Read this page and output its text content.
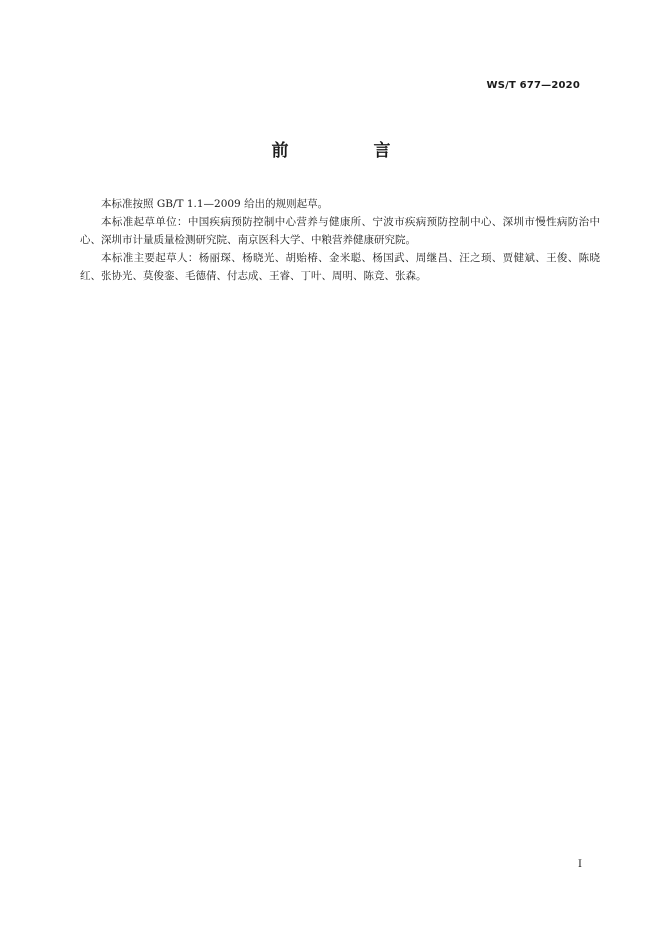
WS/T 677—2020
前　言

本标准按照 GB/T 1.1—2009 给出的规则起草。

本标准起草单位：中国疾病预防控制中心营养与健康所、宁波市疾病预防控制中心、深圳市慢性病防治中心、深圳市计量质量检测研究院、南京医科大学、中粮营养健康研究院。

本标准主要起草人：杨丽琛、杨晓光、胡贻椿、金米聪、杨国武、周继昌、汪之顼、贾健斌、王俊、陈晓红、张协光、莫俊銮、毛德倩、付志成、王睿、丁叶、周明、陈竞、张森。

I
